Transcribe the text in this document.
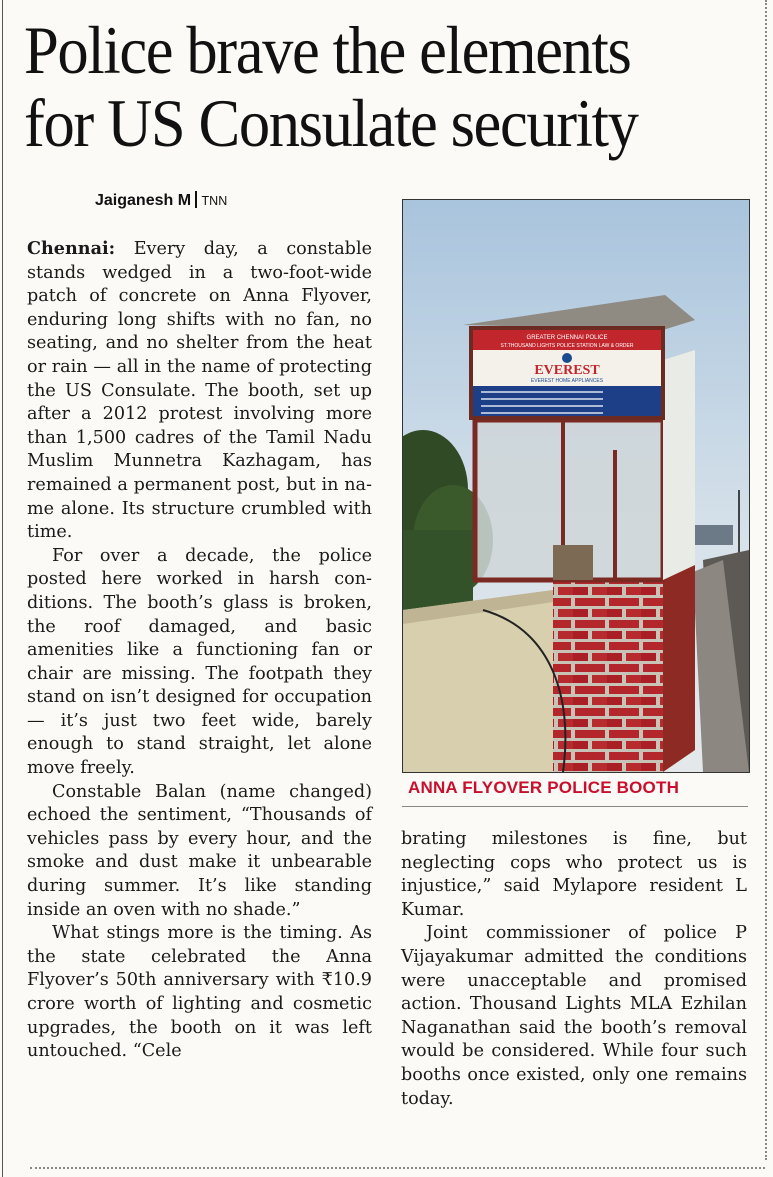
Police brave the elements
for US Consulate security
Jaiganesh M TNN

Chennai: Every day, a constable stands wedged in a two-foot-wide patch of concrete on Anna Flyover, enduring long shifts with no fan, no seating, and no shelter from the heat or rain — all in the name of protecting the US Consulate. The booth, set up after a 2012 protest involving more than 1,500 cadres of the Tamil Nadu Muslim Munnetra Kazhagam, has remained a permanent post, but in name alone. Its structure crumbled with time.

For over a decade, the police posted here worked in harsh conditions. The booth’s glass is broken, the roof damaged, and basic amenities like a functioning fan or chair are missing. The footpath they stand on isn’t designed for occupation — it’s just two feet wide, barely enough to stand straight, let alone move freely.

Constable Balan (name changed) echoed the sentiment, “Thousands of vehicles pass by every hour, and the smoke and dust make it unbearable during summer. It’s like standing inside an oven with no shade.”

What stings more is the timing. As the state celebrated the Anna Flyover’s 50th anniversary with ₹10.9 crore worth of lighting and cosmetic upgrades, the booth on it was left untouched. “Cele

GREATER CHENNAI POLICE
ST.THOUSAND LIGHTS POLICE STATION LAW & ORDER
EVEREST
EVEREST HOME APPLIANCES
ANNA FLYOVER POLICE BOOTH

brating milestones is fine, but neglecting cops who protect us is injustice,” said Mylapore resident L Kumar.

Joint commissioner of police P Vijayakumar admitted the conditions were unacceptable and promised action. Thousand Lights MLA Ezhilan Naganathan said the booth’s removal would be considered. While four such booths once existed, only one remains today.
